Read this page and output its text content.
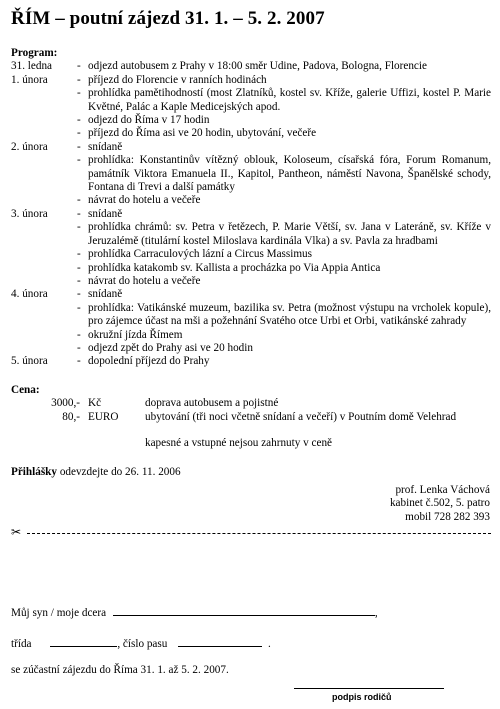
ŘÍM – poutní zájezd 31. 1. – 5. 2. 2007
Program:
31. ledna	- odjezd autobusem z Prahy v 18:00 směr Udine, Padova, Bologna, Florencie
1. února	- příjezd do Florencie v ranních hodinách
- prohlídka pamětihodností (most Zlatníků, kostel sv. Kříže, galerie Uffizi, kostel P. Marie Květné, Palác a Kaple Medicejských apod.
- odjezd do Říma v 17 hodin
- příjezd do Říma asi ve 20 hodin, ubytování, večeře
2. února	- snídaně
- prohlídka: Konstantinův vítězný oblouk, Koloseum, císařská fóra, Forum Romanum, památník Viktora Emanuela II., Kapitol, Pantheon, náměstí Navona, Španělské schody, Fontana di Trevi a další památky
- návrat do hotelu a večeře
3. února	- snídaně
- prohlídka chrámů: sv. Petra v řetězech, P. Marie Větší, sv. Jana v Lateráně, sv. Kříže v Jeruzalémě (titulární kostel Miloslava kardinála Vlka) a sv. Pavla za hradbami
- prohlídka Carraculových lázní a Circus Massimus
- prohlídka katakomb sv. Kallista a procházka po Via Appia Antica
- návrat do hotelu a večeře
4. února	- snídaně
- prohlídka: Vatikánské muzeum, bazilika sv. Petra (možnost výstupu na vrcholek kopule), pro zájemce účast na mši a požehnání Svatého otce Urbi et Orbi, vatikánské zahrady
- okružní jízda Římem
- odjezd zpět do Prahy asi ve 20 hodin
5. února	- dopolední příjezd do Prahy
Cena:
3000,- Kč	doprava autobusem a pojistné
80,- EURO	ubytování (tři noci včetně snídaní a večeří) v Poutním domě Velehrad
kapesné a vstupné nejsou zahrnuty v ceně
Přihlášky odevzdejte do 26. 11. 2006
prof. Lenka Váchová
kabinet č.502, 5. patro
mobil 728 282 393
✂
Můj syn / moje dcera	,
třída	, číslo pasu	.
se zúčastní zájezdu do Říma 31. 1. až 5. 2. 2007.
podpis rodičů
